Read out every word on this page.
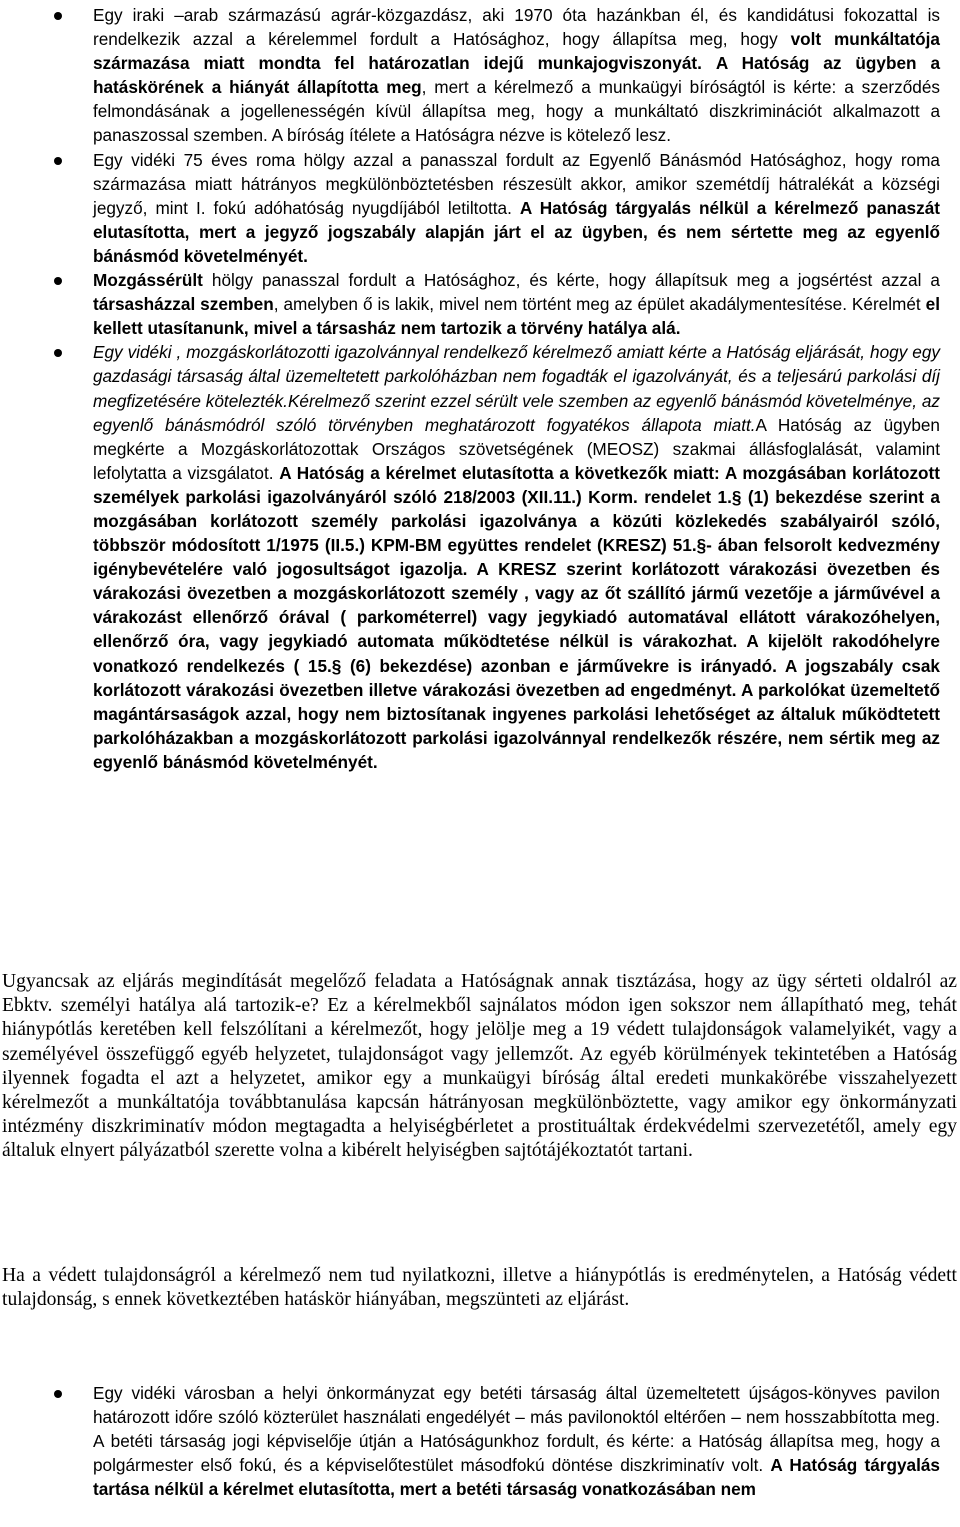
Egy iraki –arab származású agrár-közgazdász, aki 1970 óta hazánkban él, és kandidátusi fokozattal is rendelkezik azzal a kérelemmel fordult a Hatósághoz, hogy állapítsa meg, hogy volt munkáltatója származása miatt mondta fel határozatlan idejű munkajogviszonyát. A Hatóság az ügyben a hatáskörének a hiányát állapította meg, mert a kérelmező a munkaügyi bíróságtól is kérte: a szerződés felmondásának a jogellenességén kívül állapítsa meg, hogy a munkáltató diszkriminációt alkalmazott a panaszossal szemben. A bíróság ítélete a Hatóságra nézve is kötelező lesz.
Egy vidéki 75 éves roma hölgy azzal a panasszal fordult az Egyenlő Bánásmód Hatósághoz, hogy roma származása miatt hátrányos megkülönböztetésben részesült akkor, amikor szemétdíj hátralékát a községi jegyző, mint I. fokú adóhatóság nyugdíjából letiltotta. A Hatóság tárgyalás nélkül a kérelmező panaszát elutasította, mert a jegyző jogszabály alapján járt el az ügyben, és nem sértette meg az egyenlő bánásmód követelményét.
Mozgássérült hölgy panasszal fordult a Hatósághoz, és kérte, hogy állapítsuk meg a jogsértést azzal a társasházzal szemben, amelyben ő is lakik, mivel nem történt meg az épület akadálymentesítése. Kérelmét el kellett utasítanunk, mivel a társasház nem tartozik a törvény hatálya alá.
Egy vidéki , mozgáskorlátozotti igazolvánnyal rendelkező kérelmező amiatt kérte a Hatóság eljárását, hogy egy gazdasági társaság által üzemeltetett parkolóházban nem fogadták el igazolványát, és a teljesárú parkolási díj megfizetésére kötelezték.Kérelmező szerint ezzel sérült vele szemben az egyenlő bánásmód követelménye, az egyenlő bánásmódról szóló törvényben meghatározott fogyatékos állapota miatt.A Hatóság az ügyben megkérte a Mozgáskorlátozottak Országos szövetségének (MEOSZ) szakmai állásfoglalását, valamint lefolytatta a vizsgálatot. A Hatóság a kérelmet elutasította a következők miatt: A mozgásában korlátozott személyek parkolási igazolványáról szóló 218/2003 (XII.11.) Korm. rendelet 1.§ (1) bekezdése szerint a mozgásában korlátozott személy parkolási igazolványa a közúti közlekedés szabályairól szóló, többször módosított 1/1975 (II.5.) KPM-BM együttes rendelet (KRESZ) 51.§- ában felsorolt kedvezmény igénybevételére való jogosultságot igazolja. A KRESZ szerint korlátozott várakozási övezetben és várakozási övezetben a mozgáskorlátozott személy , vagy az őt szállító jármű vezetője a járművével a várakozást ellenőrző órával ( parkométerrel) vagy jegykiadó automatával ellátott várakozóhelyen, ellenőrző óra, vagy jegykiadó automata működtetése nélkül is várakozhat. A kijelölt rakodóhelyre vonatkozó rendelkezés ( 15.§ (6) bekezdése) azonban e járművekre is irányadó. A jogszabály csak korlátozott várakozási övezetben illetve várakozási övezetben ad engedményt. A parkolókat üzemeltető magántársaságok azzal, hogy nem biztosítanak ingyenes parkolási lehetőséget az általuk működtetett parkolóházakban a mozgáskorlátozott parkolási igazolvánnyal rendelkezők részére, nem sértik meg az egyenlő bánásmód követelményét.

Ugyancsak az eljárás megindítását megelőző feladata a Hatóságnak annak tisztázása, hogy az ügy sérteti oldalról az Ebktv. személyi hatálya alá tartozik-e? Ez a kérelmekből sajnálatos módon igen sokszor nem állapítható meg, tehát hiánypótlás keretében kell felszólítani a kérelmezőt, hogy jelölje meg a 19 védett tulajdonságok valamelyikét, vagy a személyével összefüggő egyéb helyzetet, tulajdonságot vagy jellemzőt. Az egyéb körülmények tekintetében a Hatóság ilyennek fogadta el azt a helyzetet, amikor egy a munkaügyi bíróság által eredeti munkakörébe visszahelyezett kérelmezőt a munkáltatója továbbtanulása kapcsán hátrányosan megkülönböztette, vagy amikor egy önkormányzati intézmény diszkriminatív módon megtagadta a helyiségbérletet a prostituáltak érdekvédelmi szervezetétől, amely egy általuk elnyert pályázatból szerette volna a kibérelt helyiségben sajtótájékoztatót tartani.

Ha a védett tulajdonságról a kérelmező nem tud nyilatkozni, illetve a hiánypótlás is eredménytelen, a Hatóság védett tulajdonság, s ennek következtében hatáskör hiányában, megszünteti az eljárást.

Egy vidéki városban a helyi önkormányzat egy betéti társaság által üzemeltetett újságos-könyves pavilon határozott időre szóló közterület használati engedélyét – más pavilonoktól eltérően – nem hosszabbította meg. A betéti társaság jogi képviselője útján a Hatóságunkhoz fordult, és kérte: a Hatóság állapítsa meg, hogy a polgármester első fokú, és a képviselőtestület másodfokú döntése diszkriminatív volt. A Hatóság tárgyalás tartása nélkül a kérelmet elutasította, mert a betéti társaság vonatkozásában nem
